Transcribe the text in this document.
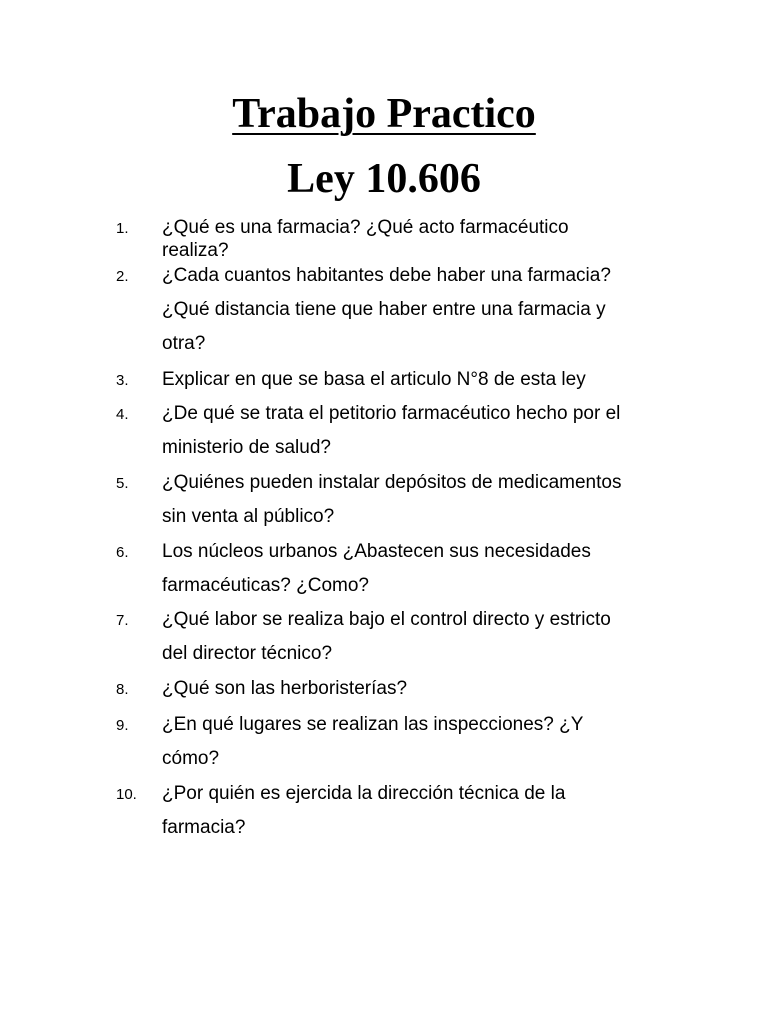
Trabajo Practico
Ley 10.606
1. ¿Qué es una farmacia? ¿Qué acto farmacéutico
realiza?
2. ¿Cada cuantos habitantes debe haber una farmacia?
¿Qué distancia tiene que haber entre una farmacia y
otra?
3. Explicar en que se basa el articulo N°8 de esta ley
4. ¿De qué se trata el petitorio farmacéutico hecho por el
ministerio de salud?
5. ¿Quiénes pueden instalar depósitos de medicamentos
sin venta al público?
6. Los núcleos urbanos ¿Abastecen sus necesidades
farmacéuticas? ¿Como?
7. ¿Qué labor se realiza bajo el control directo y estricto
del director técnico?
8. ¿Qué son las herboristerías?
9. ¿En qué lugares se realizan las inspecciones? ¿Y
cómo?
10. ¿Por quién es ejercida la dirección técnica de la
farmacia?
